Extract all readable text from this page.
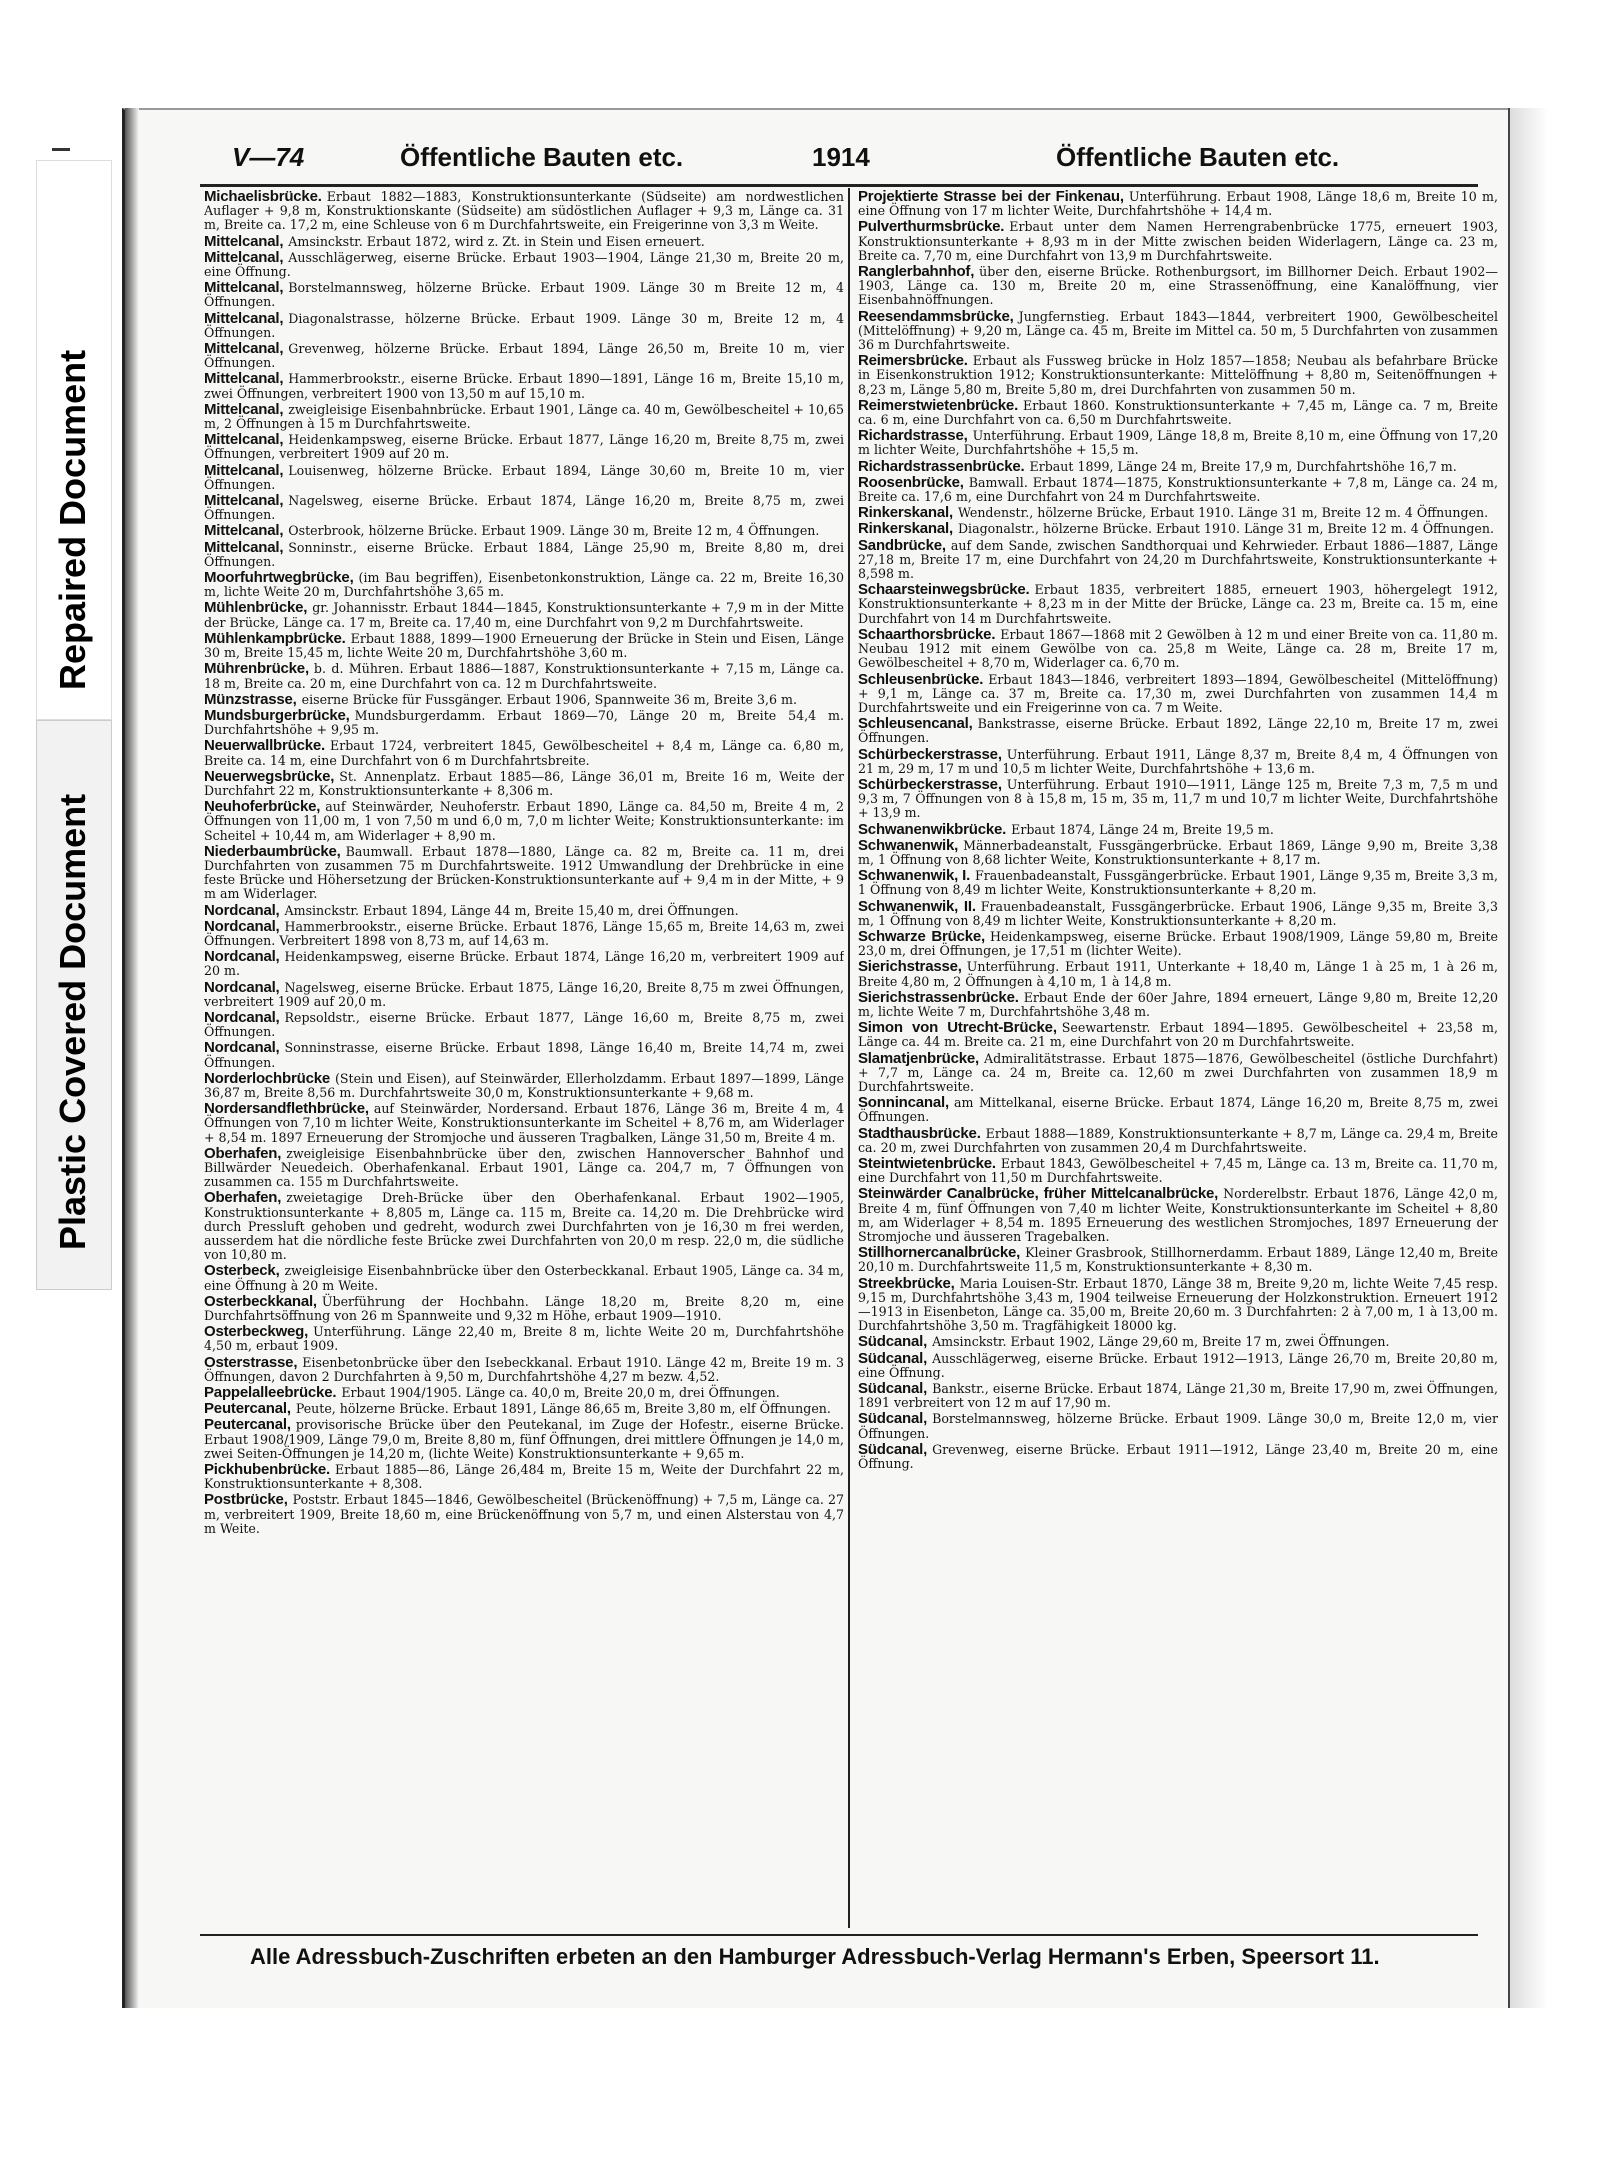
Repaired Document
Plastic Covered Document
V—74	Öffentliche Bauten etc.	1914	Öffentliche Bauten etc.

Michaelisbrücke. Erbaut 1882—1883, Konstruktionsunterkante (Südseite) am nordwestlichen Auflager + 9,8 m, Konstruktionskante (Südseite) am südöstlichen Auflager + 9,3 m, Länge ca. 31 m, Breite ca. 17,2 m, eine Schleuse von 6 m Durchfahrtsweite, ein Freigerinne von 3,3 m Weite.

Mittelcanal, Amsinckstr. Erbaut 1872, wird z. Zt. in Stein und Eisen erneuert.

Mittelcanal, Ausschlägerweg, eiserne Brücke. Erbaut 1903—1904, Länge 21,30 m, Breite 20 m, eine Öffnung.

Mittelcanal, Borstelmannsweg, hölzerne Brücke. Erbaut 1909. Länge 30 m Breite 12 m, 4 Öffnungen.

Mittelcanal, Diagonalstrasse, hölzerne Brücke. Erbaut 1909. Länge 30 m, Breite 12 m, 4 Öffnungen.

Mittelcanal, Grevenweg, hölzerne Brücke. Erbaut 1894, Länge 26,50 m, Breite 10 m, vier Öffnungen.

Mittelcanal, Hammerbrookstr., eiserne Brücke. Erbaut 1890—1891, Länge 16 m, Breite 15,10 m, zwei Öffnungen, verbreitert 1900 von 13,50 m auf 15,10 m.

Mittelcanal, zweigleisige Eisenbahnbrücke. Erbaut 1901, Länge ca. 40 m, Gewölbescheitel + 10,65 m, 2 Öffnungen à 15 m Durchfahrtsweite.

Mittelcanal, Heidenkampsweg, eiserne Brücke. Erbaut 1877, Länge 16,20 m, Breite 8,75 m, zwei Öffnungen, verbreitert 1909 auf 20 m.

Mittelcanal, Louisenweg, hölzerne Brücke. Erbaut 1894, Länge 30,60 m, Breite 10 m, vier Öffnungen.

Mittelcanal, Nagelsweg, eiserne Brücke. Erbaut 1874, Länge 16,20 m, Breite 8,75 m, zwei Öffnungen.

Mittelcanal, Osterbrook, hölzerne Brücke. Erbaut 1909. Länge 30 m, Breite 12 m, 4 Öffnungen.

Mittelcanal, Sonninstr., eiserne Brücke. Erbaut 1884, Länge 25,90 m, Breite 8,80 m, drei Öffnungen.

Moorfuhrtwegbrücke, (im Bau begriffen), Eisenbetonkonstruktion, Länge ca. 22 m, Breite 16,30 m, lichte Weite 20 m, Durchfahrtshöhe 3,65 m.

Mühlenbrücke, gr. Johannisstr. Erbaut 1844—1845, Konstruktionsunterkante + 7,9 m in der Mitte der Brücke, Länge ca. 17 m, Breite ca. 17,40 m, eine Durchfahrt von 9,2 m Durchfahrtsweite.

Mühlenkampbrücke. Erbaut 1888, 1899—1900 Erneuerung der Brücke in Stein und Eisen, Länge 30 m, Breite 15,45 m, lichte Weite 20 m, Durchfahrtshöhe 3,60 m.

Mührenbrücke, b. d. Mühren. Erbaut 1886—1887, Konstruktionsunterkante + 7,15 m, Länge ca. 18 m, Breite ca. 20 m, eine Durchfahrt von ca. 12 m Durchfahrtsweite.

Münzstrasse, eiserne Brücke für Fussgänger. Erbaut 1906, Spannweite 36 m, Breite 3,6 m.

Mundsburgerbrücke, Mundsburgerdamm. Erbaut 1869—70, Länge 20 m, Breite 54,4 m. Durchfahrtshöhe + 9,95 m.

Neuerwallbrücke. Erbaut 1724, verbreitert 1845, Gewölbescheitel + 8,4 m, Länge ca. 6,80 m, Breite ca. 14 m, eine Durchfahrt von 6 m Durchfahrtsbreite.

Neuerwegsbrücke, St. Annenplatz. Erbaut 1885—86, Länge 36,01 m, Breite 16 m, Weite der Durchfahrt 22 m, Konstruktionsunterkante + 8,306 m.

Neuhoferbrücke, auf Steinwärder, Neuhoferstr. Erbaut 1890, Länge ca. 84,50 m, Breite 4 m, 2 Öffnungen von 11,00 m, 1 von 7,50 m und 6,0 m, 7,0 m lichter Weite; Konstruktionsunterkante: im Scheitel + 10,44 m, am Widerlager + 8,90 m.

Niederbaumbrücke, Baumwall. Erbaut 1878—1880, Länge ca. 82 m, Breite ca. 11 m, drei Durchfahrten von zusammen 75 m Durchfahrtsweite. 1912 Umwandlung der Drehbrücke in eine feste Brücke und Höhersetzung der Brücken-Konstruktionsunterkante auf + 9,4 m in der Mitte, + 9 m am Widerlager.

Nordcanal, Amsinckstr. Erbaut 1894, Länge 44 m, Breite 15,40 m, drei Öffnungen.

Nordcanal, Hammerbrookstr., eiserne Brücke. Erbaut 1876, Länge 15,65 m, Breite 14,63 m, zwei Öffnungen. Verbreitert 1898 von 8,73 m, auf 14,63 m.

Nordcanal, Heidenkampsweg, eiserne Brücke. Erbaut 1874, Länge 16,20 m, verbreitert 1909 auf 20 m.

Nordcanal, Nagelsweg, eiserne Brücke. Erbaut 1875, Länge 16,20, Breite 8,75 m zwei Öffnungen, verbreitert 1909 auf 20,0 m.

Nordcanal, Repsoldstr., eiserne Brücke. Erbaut 1877, Länge 16,60 m, Breite 8,75 m, zwei Öffnungen.

Nordcanal, Sonninstrasse, eiserne Brücke. Erbaut 1898, Länge 16,40 m, Breite 14,74 m, zwei Öffnungen.

Norderlochbrücke (Stein und Eisen), auf Steinwärder, Ellerholzdamm. Erbaut 1897—1899, Länge 36,87 m, Breite 8,56 m. Durchfahrtsweite 30,0 m, Konstruktionsunterkante + 9,68 m.

Nordersandflethbrücke, auf Steinwärder, Nordersand. Erbaut 1876, Länge 36 m, Breite 4 m, 4 Öffnungen von 7,10 m lichter Weite, Konstruktionsunterkante im Scheitel + 8,76 m, am Widerlager + 8,54 m. 1897 Erneuerung der Stromjoche und äusseren Tragbalken, Länge 31,50 m, Breite 4 m.

Oberhafen, zweigleisige Eisenbahnbrücke über den, zwischen Hannoverscher Bahnhof und Billwärder Neuedeich. Oberhafenkanal. Erbaut 1901, Länge ca. 204,7 m, 7 Öffnungen von zusammen ca. 155 m Durchfahrtsweite.

Oberhafen, zweietagige Dreh-Brücke über den Oberhafenkanal. Erbaut 1902—1905, Konstruktionsunterkante + 8,805 m, Länge ca. 115 m, Breite ca. 14,20 m. Die Drehbrücke wird durch Pressluft gehoben und gedreht, wodurch zwei Durchfahrten von je 16,30 m frei werden, ausserdem hat die nördliche feste Brücke zwei Durchfahrten von 20,0 m resp. 22,0 m, die südliche von 10,80 m.

Osterbeck, zweigleisige Eisenbahnbrücke über den Osterbeckkanal. Erbaut 1905, Länge ca. 34 m, eine Öffnung à 20 m Weite.

Osterbeckkanal, Überführung der Hochbahn. Länge 18,20 m, Breite 8,20 m, eine Durchfahrtsöffnung von 26 m Spannweite und 9,32 m Höhe, erbaut 1909—1910.

Osterbeckweg, Unterführung. Länge 22,40 m, Breite 8 m, lichte Weite 20 m, Durchfahrtshöhe 4,50 m, erbaut 1909.

Osterstrasse, Eisenbetonbrücke über den Isebeckkanal. Erbaut 1910. Länge 42 m, Breite 19 m. 3 Öffnungen, davon 2 Durchfahrten à 9,50 m, Durchfahrtshöhe 4,27 m bezw. 4,52.

Pappelalleebrücke. Erbaut 1904/1905. Länge ca. 40,0 m, Breite 20,0 m, drei Öffnungen.

Peutercanal, Peute, hölzerne Brücke. Erbaut 1891, Länge 86,65 m, Breite 3,80 m, elf Öffnungen.

Peutercanal, provisorische Brücke über den Peutekanal, im Zuge der Hofestr., eiserne Brücke. Erbaut 1908/1909, Länge 79,0 m, Breite 8,80 m, fünf Öffnungen, drei mittlere Öffnungen je 14,0 m, zwei Seiten-Öffnungen je 14,20 m, (lichte Weite) Konstruktionsunterkante + 9,65 m.

Pickhubenbrücke. Erbaut 1885—86, Länge 26,484 m, Breite 15 m, Weite der Durchfahrt 22 m, Konstruktionsunterkante + 8,308.

Postbrücke, Poststr. Erbaut 1845—1846, Gewölbescheitel (Brückenöffnung) + 7,5 m, Länge ca. 27 m, verbreitert 1909, Breite 18,60 m, eine Brückenöffnung von 5,7 m, und einen Alsterstau von 4,7 m Weite.

Projektierte Strasse bei der Finkenau, Unterführung. Erbaut 1908, Länge 18,6 m, Breite 10 m, eine Öffnung von 17 m lichter Weite, Durchfahrtshöhe + 14,4 m.

Pulverthurmsbrücke. Erbaut unter dem Namen Herrengrabenbrücke 1775, erneuert 1903, Konstruktionsunterkante + 8,93 m in der Mitte zwischen beiden Widerlagern, Länge ca. 23 m, Breite ca. 7,70 m, eine Durchfahrt von 13,9 m Durchfahrtsweite.

Ranglerbahnhof, über den, eiserne Brücke. Rothenburgsort, im Billhorner Deich. Erbaut 1902—1903, Länge ca. 130 m, Breite 20 m, eine Strassenöffnung, eine Kanalöffnung, vier Eisenbahnöffnungen.

Reesendammsbrücke, Jungfernstieg. Erbaut 1843—1844, verbreitert 1900, Gewölbescheitel (Mittelöffnung) + 9,20 m, Länge ca. 45 m, Breite im Mittel ca. 50 m, 5 Durchfahrten von zusammen 36 m Durchfahrtsweite.

Reimersbrücke. Erbaut als Fussweg brücke in Holz 1857—1858; Neubau als befahrbare Brücke in Eisenkonstruktion 1912; Konstruktionsunterkante: Mittelöffnung + 8,80 m, Seitenöffnungen + 8,23 m, Länge 5,80 m, Breite 5,80 m, drei Durchfahrten von zusammen 50 m.

Reimerstwietenbrücke. Erbaut 1860. Konstruktionsunterkante + 7,45 m, Länge ca. 7 m, Breite ca. 6 m, eine Durchfahrt von ca. 6,50 m Durchfahrtsweite.

Richardstrasse, Unterführung. Erbaut 1909, Länge 18,8 m, Breite 8,10 m, eine Öffnung von 17,20 m lichter Weite, Durchfahrtshöhe + 15,5 m.

Richardstrassenbrücke. Erbaut 1899, Länge 24 m, Breite 17,9 m, Durchfahrtshöhe 16,7 m.

Roosenbrücke, Bamwall. Erbaut 1874—1875, Konstruktionsunterkante + 7,8 m, Länge ca. 24 m, Breite ca. 17,6 m, eine Durchfahrt von 24 m Durchfahrtsweite.

Rinkerskanal, Wendenstr., hölzerne Brücke, Erbaut 1910. Länge 31 m, Breite 12 m. 4 Öffnungen.

Rinkerskanal, Diagonalstr., hölzerne Brücke. Erbaut 1910. Länge 31 m, Breite 12 m. 4 Öffnungen.

Sandbrücke, auf dem Sande, zwischen Sandthorquai und Kehrwieder. Erbaut 1886—1887, Länge 27,18 m, Breite 17 m, eine Durchfahrt von 24,20 m Durchfahrtsweite, Konstruktionsunterkante + 8,598 m.

Schaarsteinwegsbrücke. Erbaut 1835, verbreitert 1885, erneuert 1903, höhergelegt 1912, Konstruktionsunterkante + 8,23 m in der Mitte der Brücke, Länge ca. 23 m, Breite ca. 15 m, eine Durchfahrt von 14 m Durchfahrtsweite.

Schaarthorsbrücke. Erbaut 1867—1868 mit 2 Gewölben à 12 m und einer Breite von ca. 11,80 m. Neubau 1912 mit einem Gewölbe von ca. 25,8 m Weite, Länge ca. 28 m, Breite 17 m, Gewölbescheitel + 8,70 m, Widerlager ca. 6,70 m.

Schleusenbrücke. Erbaut 1843—1846, verbreitert 1893—1894, Gewölbescheitel (Mittelöffnung) + 9,1 m, Länge ca. 37 m, Breite ca. 17,30 m, zwei Durchfahrten von zusammen 14,4 m Durchfahrtsweite und ein Freigerinne von ca. 7 m Weite.

Schleusencanal, Bankstrasse, eiserne Brücke. Erbaut 1892, Länge 22,10 m, Breite 17 m, zwei Öffnungen.

Schürbeckerstrasse, Unterführung. Erbaut 1911, Länge 8,37 m, Breite 8,4 m, 4 Öffnungen von 21 m, 29 m, 17 m und 10,5 m lichter Weite, Durchfahrtshöhe + 13,6 m.

Schürbeckerstrasse, Unterführung. Erbaut 1910—1911, Länge 125 m, Breite 7,3 m, 7,5 m und 9,3 m, 7 Öffnungen von 8 à 15,8 m, 15 m, 35 m, 11,7 m und 10,7 m lichter Weite, Durchfahrtshöhe + 13,9 m.

Schwanenwikbrücke. Erbaut 1874, Länge 24 m, Breite 19,5 m.

Schwanenwik, Männerbadeanstalt, Fussgängerbrücke. Erbaut 1869, Länge 9,90 m, Breite 3,38 m, 1 Öffnung von 8,68 lichter Weite, Konstruktionsunterkante + 8,17 m.

Schwanenwik, I. Frauenbadeanstalt, Fussgängerbrücke. Erbaut 1901, Länge 9,35 m, Breite 3,3 m, 1 Öffnung von 8,49 m lichter Weite, Konstruktionsunterkante + 8,20 m.

Schwanenwik, II. Frauenbadeanstalt, Fussgängerbrücke. Erbaut 1906, Länge 9,35 m, Breite 3,3 m, 1 Öffnung von 8,49 m lichter Weite, Konstruktionsunterkante + 8,20 m.

Schwarze Brücke, Heidenkampsweg, eiserne Brücke. Erbaut 1908/1909, Länge 59,80 m, Breite 23,0 m, drei Öffnungen, je 17,51 m (lichter Weite).

Sierichstrasse, Unterführung. Erbaut 1911, Unterkante + 18,40 m, Länge 1 à 25 m, 1 à 26 m, Breite 4,80 m, 2 Öffnungen à 4,10 m, 1 à 14,8 m.

Sierichstrassenbrücke. Erbaut Ende der 60er Jahre, 1894 erneuert, Länge 9,80 m, Breite 12,20 m, lichte Weite 7 m, Durchfahrtshöhe 3,48 m.

Simon von Utrecht-Brücke, Seewartenstr. Erbaut 1894—1895. Gewölbescheitel + 23,58 m, Länge ca. 44 m. Breite ca. 21 m, eine Durchfahrt von 20 m Durchfahrtsweite.

Slamatjenbrücke, Admiralitätstrasse. Erbaut 1875—1876, Gewölbescheitel (östliche Durchfahrt) + 7,7 m, Länge ca. 24 m, Breite ca. 12,60 m zwei Durchfahrten von zusammen 18,9 m Durchfahrtsweite.

Sonnincanal, am Mittelkanal, eiserne Brücke. Erbaut 1874, Länge 16,20 m, Breite 8,75 m, zwei Öffnungen.

Stadthausbrücke. Erbaut 1888—1889, Konstruktionsunterkante + 8,7 m, Länge ca. 29,4 m, Breite ca. 20 m, zwei Durchfahrten von zusammen 20,4 m Durchfahrtsweite.

Steintwietenbrücke. Erbaut 1843, Gewölbescheitel + 7,45 m, Länge ca. 13 m, Breite ca. 11,70 m, eine Durchfahrt von 11,50 m Durchfahrtsweite.

Steinwärder Canalbrücke, früher Mittelcanalbrücke, Norderelbstr. Erbaut 1876, Länge 42,0 m, Breite 4 m, fünf Öffnungen von 7,40 m lichter Weite, Konstruktionsunterkante im Scheitel + 8,80 m, am Widerlager + 8,54 m. 1895 Erneuerung des westlichen Stromjoches, 1897 Erneuerung der Stromjoche und äusseren Tragebalken.

Stillhornercanalbrücke, Kleiner Grasbrook, Stillhornerdamm. Erbaut 1889, Länge 12,40 m, Breite 20,10 m. Durchfahrtsweite 11,5 m, Konstruktionsunterkante + 8,30 m.

Streekbrücke, Maria Louisen-Str. Erbaut 1870, Länge 38 m, Breite 9,20 m, lichte Weite 7,45 resp. 9,15 m, Durchfahrtshöhe 3,43 m, 1904 teilweise Erneuerung der Holzkonstruktion. Erneuert 1912—1913 in Eisenbeton, Länge ca. 35,00 m, Breite 20,60 m. 3 Durchfahrten: 2 à 7,00 m, 1 à 13,00 m. Durchfahrtshöhe 3,50 m. Tragfähigkeit 18000 kg.

Südcanal, Amsinckstr. Erbaut 1902, Länge 29,60 m, Breite 17 m, zwei Öffnungen.

Südcanal, Ausschlägerweg, eiserne Brücke. Erbaut 1912—1913, Länge 26,70 m, Breite 20,80 m, eine Öffnung.

Südcanal, Bankstr., eiserne Brücke. Erbaut 1874, Länge 21,30 m, Breite 17,90 m, zwei Öffnungen, 1891 verbreitert von 12 m auf 17,90 m.

Südcanal, Borstelmannsweg, hölzerne Brücke. Erbaut 1909. Länge 30,0 m, Breite 12,0 m, vier Öffnungen.

Südcanal, Grevenweg, eiserne Brücke. Erbaut 1911—1912, Länge 23,40 m, Breite 20 m, eine Öffnung.

Alle Adressbuch-Zuschriften erbeten an den Hamburger Adressbuch-Verlag Hermann's Erben, Speersort 11.
